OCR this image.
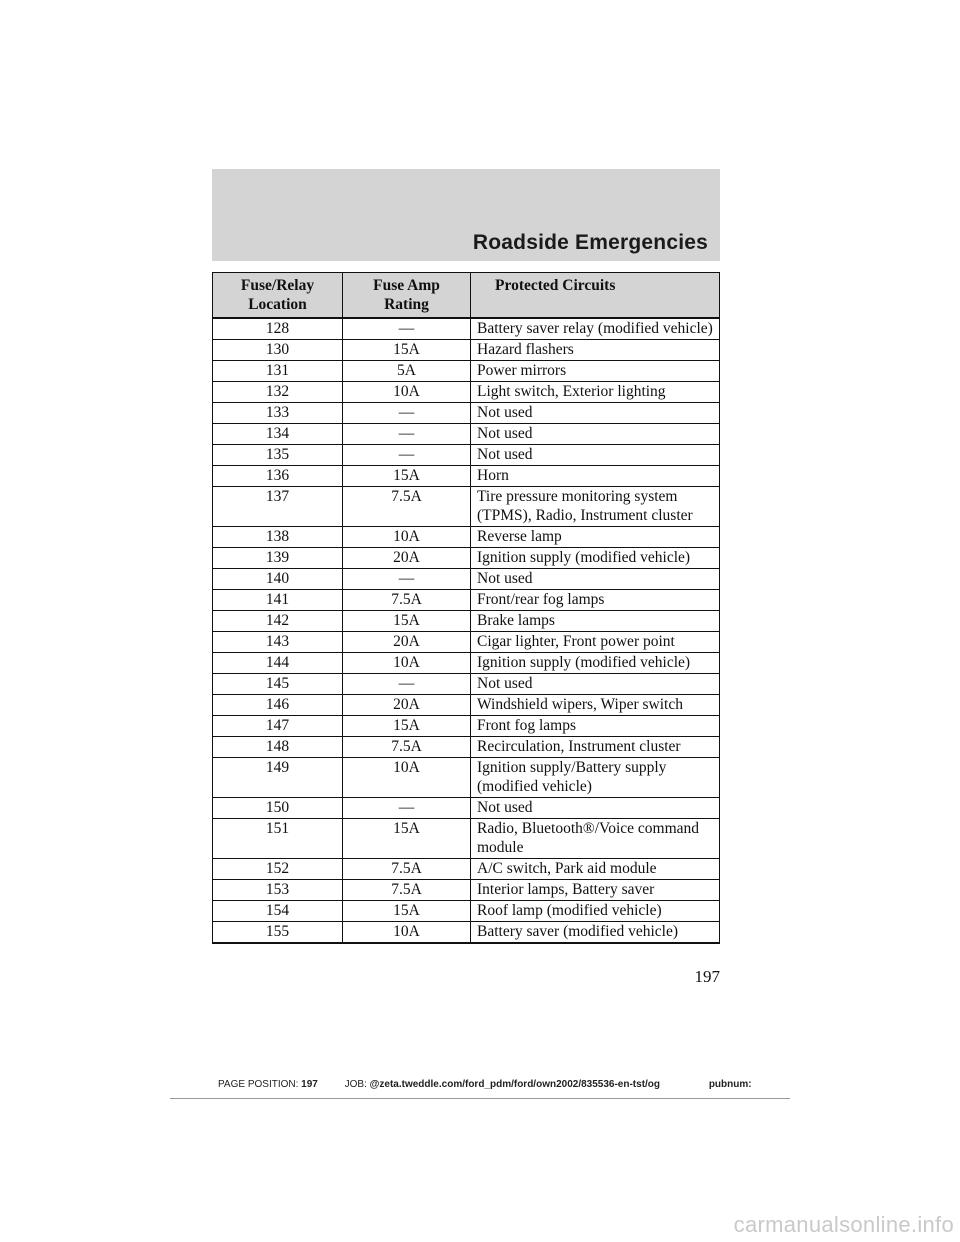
Roadside Emergencies
Fuse/Relay Location	Fuse Amp Rating	Protected Circuits
128	—	Battery saver relay (modified vehicle)
130	15A	Hazard flashers
131	5A	Power mirrors
132	10A	Light switch, Exterior lighting
133	—	Not used
134	—	Not used
135	—	Not used
136	15A	Horn
137	7.5A	Tire pressure monitoring system (TPMS), Radio, Instrument cluster
138	10A	Reverse lamp
139	20A	Ignition supply (modified vehicle)
140	—	Not used
141	7.5A	Front/rear fog lamps
142	15A	Brake lamps
143	20A	Cigar lighter, Front power point
144	10A	Ignition supply (modified vehicle)
145	—	Not used
146	20A	Windshield wipers, Wiper switch
147	15A	Front fog lamps
148	7.5A	Recirculation, Instrument cluster
149	10A	Ignition supply/Battery supply (modified vehicle)
150	—	Not used
151	15A	Radio, Bluetooth®/Voice command module
152	7.5A	A/C switch, Park aid module
153	7.5A	Interior lamps, Battery saver
154	15A	Roof lamp (modified vehicle)
155	10A	Battery saver (modified vehicle)
197
PAGE POSITION: 197	JOB: @zeta.tweddle.com/ford_pdm/ford/own2002/835536-en-tst/og	pubnum:
carmanualsonline.info
